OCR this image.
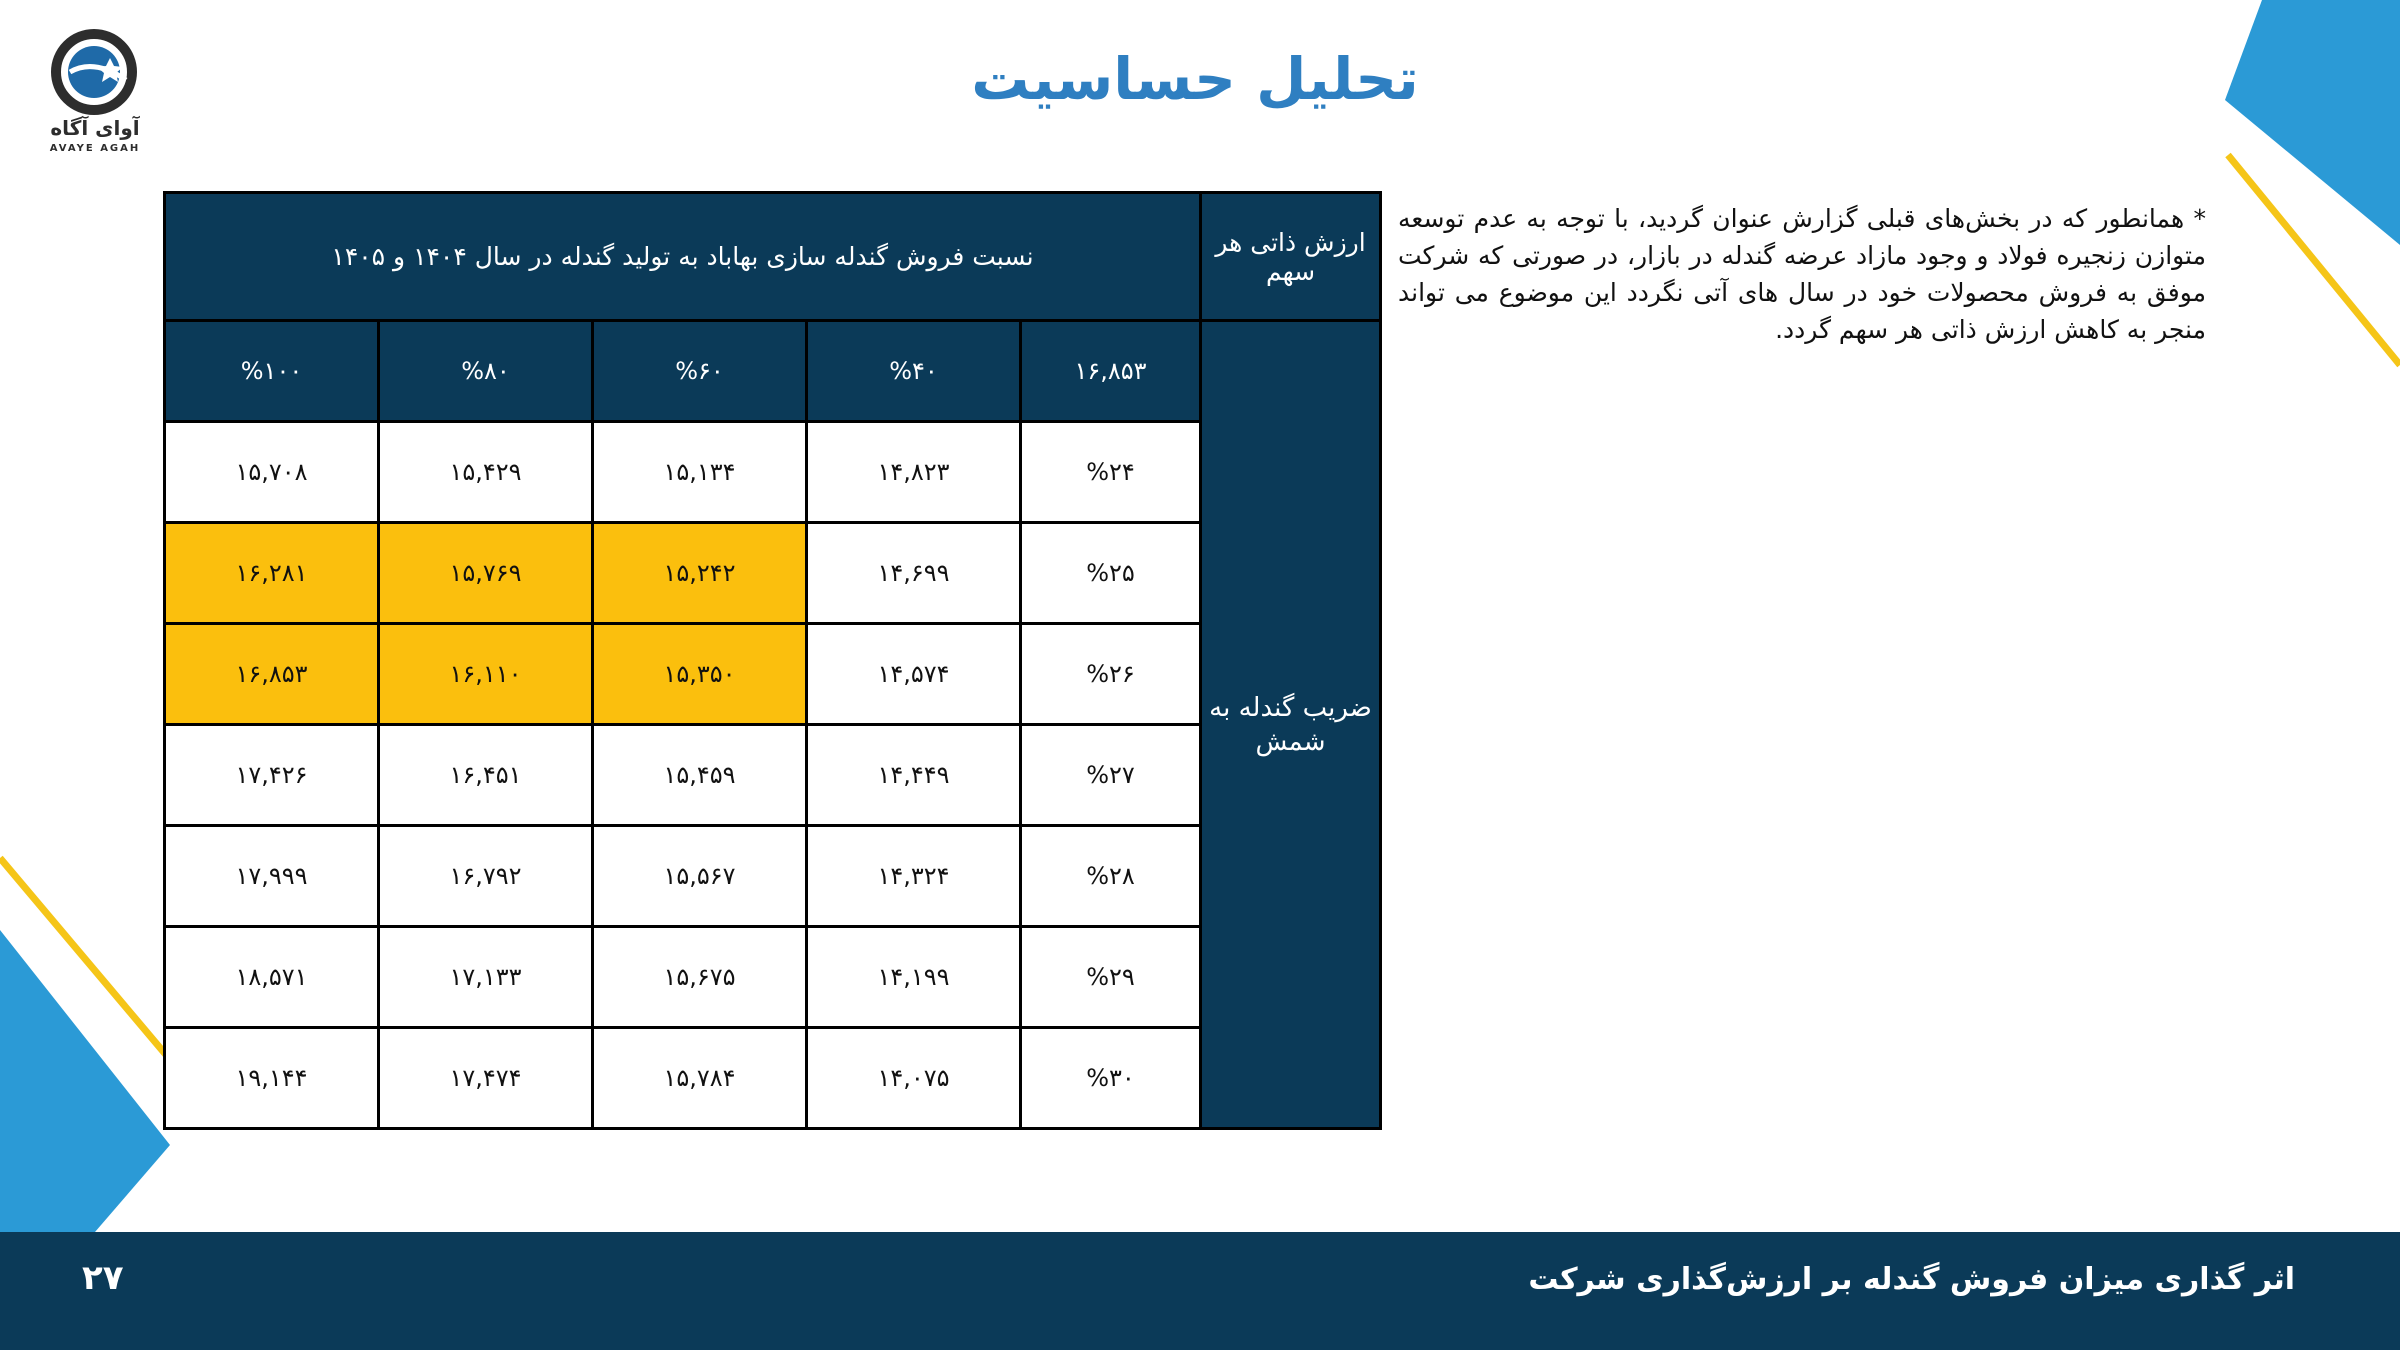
آوای آگاه
AVAYE AGAH
تحلیل حساسیت
ارزش ذاتی هر سهم	نسبت فروش گندله سازی بهاباد به تولید گندله در سال ۱۴۰۴ و ۱۴۰۵				
ضریب گندله به شمش	۱۶,۸۵۳	%۴۰	%۶۰	%۸۰	%۱۰۰
	%۲۴	۱۴,۸۲۳	۱۵,۱۳۴	۱۵,۴۲۹	۱۵,۷۰۸
	%۲۵	۱۴,۶۹۹	۱۵,۲۴۲	۱۵,۷۶۹	۱۶,۲۸۱
	%۲۶	۱۴,۵۷۴	۱۵,۳۵۰	۱۶,۱۱۰	۱۶,۸۵۳
	%۲۷	۱۴,۴۴۹	۱۵,۴۵۹	۱۶,۴۵۱	۱۷,۴۲۶
	%۲۸	۱۴,۳۲۴	۱۵,۵۶۷	۱۶,۷۹۲	۱۷,۹۹۹
	%۲۹	۱۴,۱۹۹	۱۵,۶۷۵	۱۷,۱۳۳	۱۸,۵۷۱
	%۳۰	۱۴,۰۷۵	۱۵,۷۸۴	۱۷,۴۷۴	۱۹,۱۴۴
* همانطور که در بخش‌های قبلی گزارش عنوان گردید، با توجه به عدم توسعه متوازن زنجیره فولاد و وجود مازاد عرضه گندله در بازار، در صورتی که شرکت موفق به فروش محصولات خود در سال های آتی نگردد این موضوع می تواند منجر به کاهش ارزش ذاتی هر سهم گردد.
اثر گذاری میزان فروش گندله بر ارزش‌گذاری شرکت
۲۷
